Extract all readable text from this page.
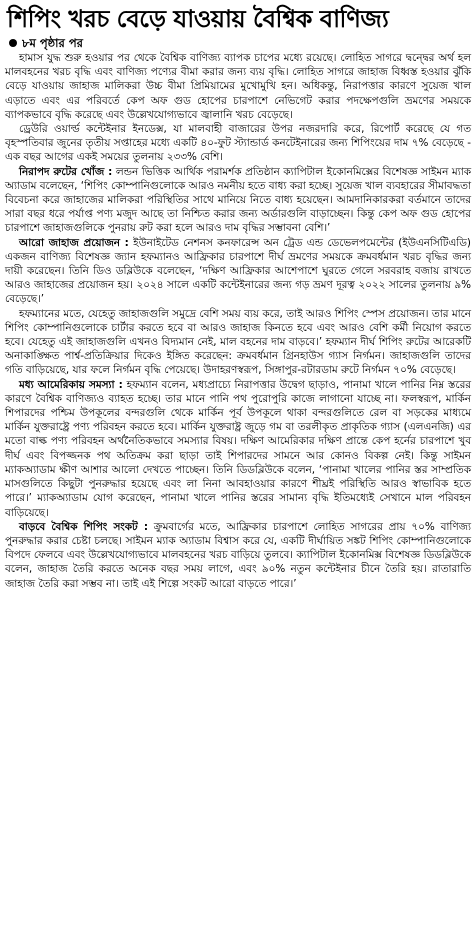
শিপিং খরচ বেড়ে যাওয়ায় বৈশ্বিক বাণিজ্য
৮ম পৃষ্ঠার পর

হামাস যুদ্ধ শুরু হওয়ার পর থেকে বৈশ্বিক বাণিজ্য ব্যাপক চাপের মধ্যে রয়েছে। লোহিত সাগরে দ্বন্দ্বের অর্থ হল মালবহনের খরচ বৃদ্ধি এবং বাণিজ্য পণ্যের বীমা করার জন্য ব্যয় বৃদ্ধি। লোহিত সাগরে জাহাজ বিধ্বস্ত হওয়ার ঝুঁকি বেড়ে যাওয়ায় জাহাজ মালিকরা উচ্চ বীমা প্রিমিয়ামের মুখোমুখি হন। অধিকন্তু, নিরাপত্তার কারণে সুয়েজ খাল এড়াতে এবং এর পরিবর্তে কেপ অফ গুড হোপের চারপাশে নেভিগেট করার পদক্ষেপগুলি ভ্রমণের সময়কে ব্যাপকভাবে বৃদ্ধি করেছে এবং উল্লেখযোগ্যভাবে জ্বালানি খরচ বেড়েছে।

ড্রেউরি ওয়ার্ল্ড কন্টেইনার ইনডেক্স, যা মালবাহী বাজারের উপর নজরদারি করে, রিপোর্ট করেছে যে গত বৃহস্পতিবার জুনের তৃতীয় সপ্তাহের মধ্যে একটি ৪০-ফুট স্ট্যান্ডার্ড কনটেইনারের জন্য শিপিংয়ের দাম ৭% বেড়েছে - এক বছর আগের একই সময়ের তুলনায় ২৩৩% বেশি।

নিরাপদ রুটের খোঁজ : লন্ডন ভিত্তিক আর্থিক পরামর্শক প্রতিষ্ঠান ক্যাপিটাল ইকোনমিক্সের বিশেষজ্ঞ সাইমন ম্যাক অ্যাডাম বলেছেন, ‘শিপিং কোম্পানিগুলোকে আরও নমনীয় হতে বাধ্য করা হচ্ছে। সুয়েজ খাল ব্যবহারের সীমাবদ্ধতা বিবেচনা করে জাহাজের মালিকরা পরিস্থিতির সাথে মানিয়ে নিতে বাধ্য হয়েছেন। আমদানিকারকরা বর্তমানে তাদের সারা বছর ধরে পর্যাপ্ত পণ্য মজুদ আছে তা নিশ্চিত করার জন্য অর্ডারগুলি বাড়াচ্ছেন। কিন্তু কেপ অফ গুড হোপের চারপাশে জাহাজগুলিকে পুনরায় রুট করা হলে আরও দাম বৃদ্ধির সম্ভাবনা বেশি।’

আরো জাহাজ প্রয়োজন : ইউনাইটেড নেশনস কনফারেন্স অন ট্রেড এন্ড ডেভেলপমেন্টের (ইউএনসিটিএডি) একজন বাণিজ্য বিশেষজ্ঞ জ্যান হফম্যানও আফ্রিকার চারপাশে দীর্ঘ ভ্রমণের সময়কে ক্রমবর্ধমান খরচ বৃদ্ধির জন্য দায়ী করেছেন। তিনি ডিও ডব্লিউকে বলেছেন, ‘দক্ষিণ আফ্রিকার আশেপাশে ঘুরতে গেলে সরবরাহ বজায় রাখতে আরও জাহাজের প্রয়োজন হয়। ২০২৪ সালে একটি কন্টেইনারের জন্য গড় ভ্রমণ দূরত্ব ২০২২ সালের তুলনায় ৯% বেড়েছে।’

হফম্যানের মতে, যেহেতু জাহাজগুলি সমুদ্রে বেশি সময় ব্যয় করে, তাই আরও শিপিং স্পেস প্রয়োজন। তার মানে শিপিং কোম্পানিগুলোকে চার্টার করতে হবে বা আরও জাহাজ কিনতে হবে এবং আরও বেশি কর্মী নিয়োগ করতে হবে। যেহেতু এই জাহাজগুলি এখনও বিদ্যমান নেই, মাল বহনের দাম বাড়বে।’ হফম্যান দীর্ঘ শিপিং রুটের আরেকটি অনাকাঙ্ক্ষিত পার্শ্ব-প্রতিক্রিয়ার দিকেও ইঙ্গিত করেছেন: ক্রমবর্ধমান গ্রিনহাউস গ্যাস নির্গমন। জাহাজগুলি তাদের গতি বাড়িয়েছে, যার ফলে নির্গমন বৃদ্ধি পেয়েছে। উদাহরণস্বরূপ, সিঙ্গাপুর-রটারডাম রুটে নির্গমন ৭০% বেড়েছে।

মধ্য আমেরিকায় সমস্যা : হফম্যান বলেন, মধ্যপ্রাচ্যে নিরাপত্তার উদ্বেগ ছাড়াও, পানামা খালে পানির নিম্ন স্তরের কারণে বৈশ্বিক বাণিজ্যও ব্যাহত হচ্ছে। তার মানে পানি পথ পুরোপুরি কাজে লাগানো যাচ্ছে না। ফলস্বরূপ, মার্কিন শিপারদের পশ্চিম উপকূলের বন্দরগুলি থেকে মার্কিন পূর্ব উপকূলে থাকা বন্দরগুলিতে রেল বা সড়কের মাধ্যমে মার্কিন যুক্তরাষ্ট্রে পণ্য পরিবহন করতে হবে। মার্কিন যুক্তরাষ্ট্র জুড়ে গম বা তরলীকৃত প্রাকৃতিক গ্যাস (এলএনজি) এর মতো বাল্ক পণ্য পরিবহন অর্থনৈতিকভাবে সমস্যার বিষয়। দক্ষিণ আমেরিকার দক্ষিণ প্রান্তে কেপ হর্নের চারপাশে খুব দীর্ঘ এবং বিপজ্জনক পথ অতিক্রম করা ছাড়া তাই শিপারদের সামনে আর কোনও বিকল্প নেই। কিন্তু সাইমন ম্যাকঅ্যাডাম ক্ষীণ আশার আলো দেখতে পাচ্ছেন। তিনি ডিডব্লিউকে বলেন, ‘পানামা খালের পানির স্তর সাম্প্রতিক মাসগুলিতে কিছুটা পুনরুদ্ধার হয়েছে এবং লা নিনা আবহাওয়ার কারণে শীঘ্রই পরিস্থিতি আরও স্বাভাবিক হতে পারে।’ ম্যাকঅ্যাডাম যোগ করেছেন, পানামা খালে পানির স্তরের সামান্য বৃদ্ধি ইতিমধ্যেই সেখানে মাল পরিবহন বাড়িয়েছে।

বাড়বে বৈশ্বিক শিপিং সংকট : ক্রুমবার্গের মতে, আফ্রিকার চারপাশে লোহিত সাগরের প্রায় ৭০% বাণিজ্য পুনরুদ্ধার করার চেষ্টা চলছে। সাইমন ম্যাক অ্যাডাম বিশ্বাস করে যে, একটি দীর্ঘায়িত সঙ্কট শিপিং কোম্পানিগুলোকে বিপদে ফেলবে এবং উল্লেখযোগ্যভাবে মালবহনের খরচ বাড়িয়ে তুলবে। ক্যাপিটাল ইকোনমিক্স বিশেষজ্ঞ ডিডব্লিউকে বলেন, জাহাজ তৈরি করতে অনেক বছর সময় লাগে, এবং ৯০% নতুন কন্টেইনার চীনে তৈরি হয়। রাতারাতি জাহাজ তৈরি করা সম্ভব না। তাই এই শিল্পে সংকট আরো বাড়তে পারে।’
